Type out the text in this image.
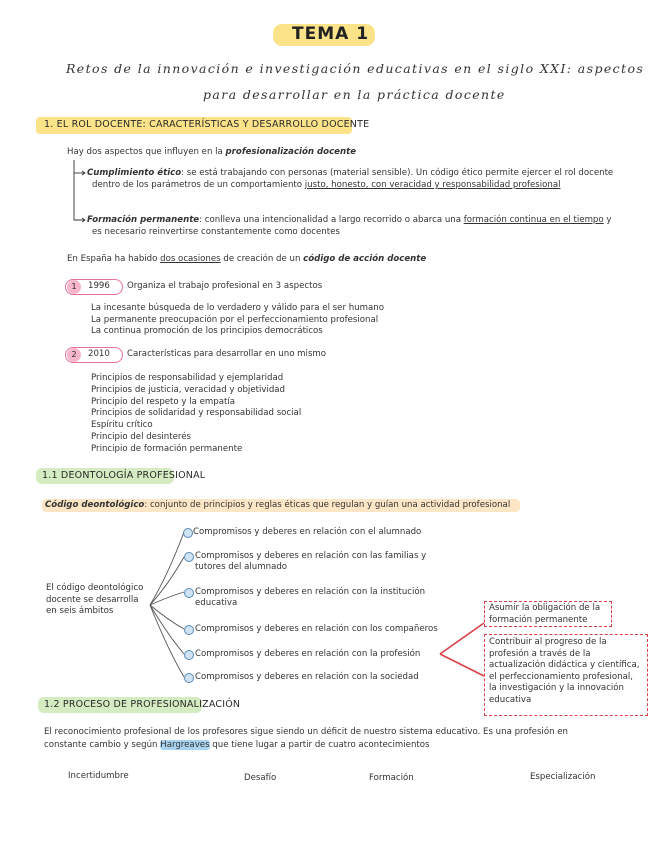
TEMA 1
Retos de la innovación e investigación educativas en el siglo XXI: aspectos
para desarrollar en la práctica docente
1. EL ROL DOCENTE: CARACTERÍSTICAS Y DESARROLLO DOCENTE
Hay dos aspectos que influyen en la profesionalización docente
Cumplimiento ético: se está trabajando con personas (material sensible). Un código ético permite ejercer el rol docente
dentro de los parámetros de un comportamiento justo, honesto, con veracidad y responsabilidad profesional
Formación permanente: conlleva una intencionalidad a largo recorrido o abarca una formación continua en el tiempo y
es necesario reinvertirse constantemente como docentes
En España ha habido dos ocasiones de creación de un código de acción docente
1	1996 Organiza el trabajo profesional en 3 aspectos
La incesante búsqueda de lo verdadero y válido para el ser humano
La permanente preocupación por el perfeccionamiento profesional
La continua promoción de los principios democráticos
2	2010 Características para desarrollar en uno mismo
Principios de responsabilidad y ejemplaridad
Principios de justicia, veracidad y objetividad
Principio del respeto y la empatía
Principios de solidaridad y responsabilidad social
Espíritu crítico
Principio del desinterés
Principio de formación permanente
1.1 DEONTOLOGÍA PROFESIONAL
Código deontológico: conjunto de principios y reglas éticas que regulan y guían una actividad profesional
El código deontológico
docente se desarrolla
en seis ámbitos
Compromisos y deberes en relación con el alumnado
Compromisos y deberes en relación con las familias y
tutores del alumnado
Compromisos y deberes en relación con la institución
educativa
Compromisos y deberes en relación con los compañeros
Compromisos y deberes en relación con la profesión
Compromisos y deberes en relación con la sociedad
Asumir la obligación de la
formación permanente
Contribuir al progreso de la
profesión a través de la
actualización didáctica y científica,
el perfeccionamiento profesional,
la investigación y la innovación
educativa
1.2 PROCESO DE PROFESIONALIZACIÓN
El reconocimiento profesional de los profesores sigue siendo un déficit de nuestro sistema educativo. Es una profesión en
constante cambio y según Hargreaves que tiene lugar a partir de cuatro acontecimientos
Incertidumbre	Desafío	Formación	Especialización
